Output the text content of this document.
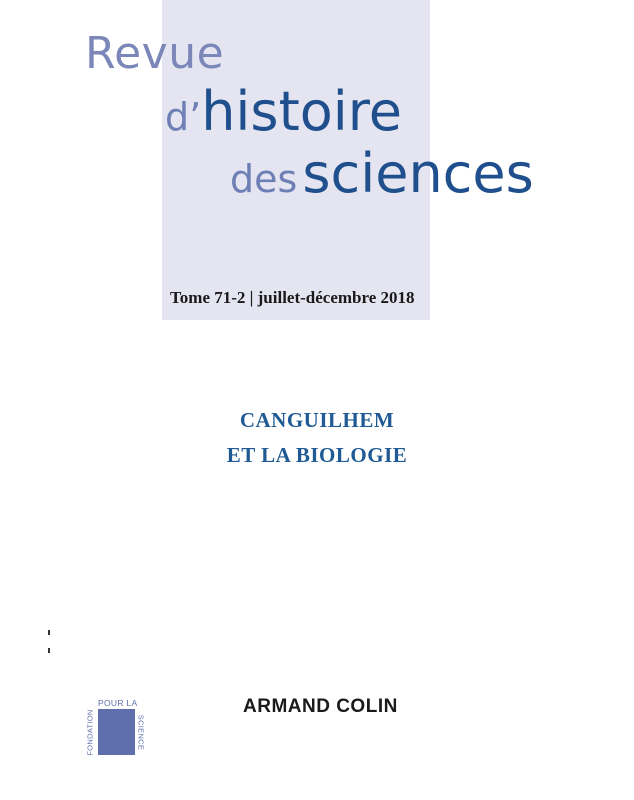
Revue
d’histoire
des sciences
Tome 71-2 | juillet-décembre 2018
CANGUILHEM
ET LA BIOLOGIE
FONDATION
POUR LA
SCIENCE
ARMAND COLIN
